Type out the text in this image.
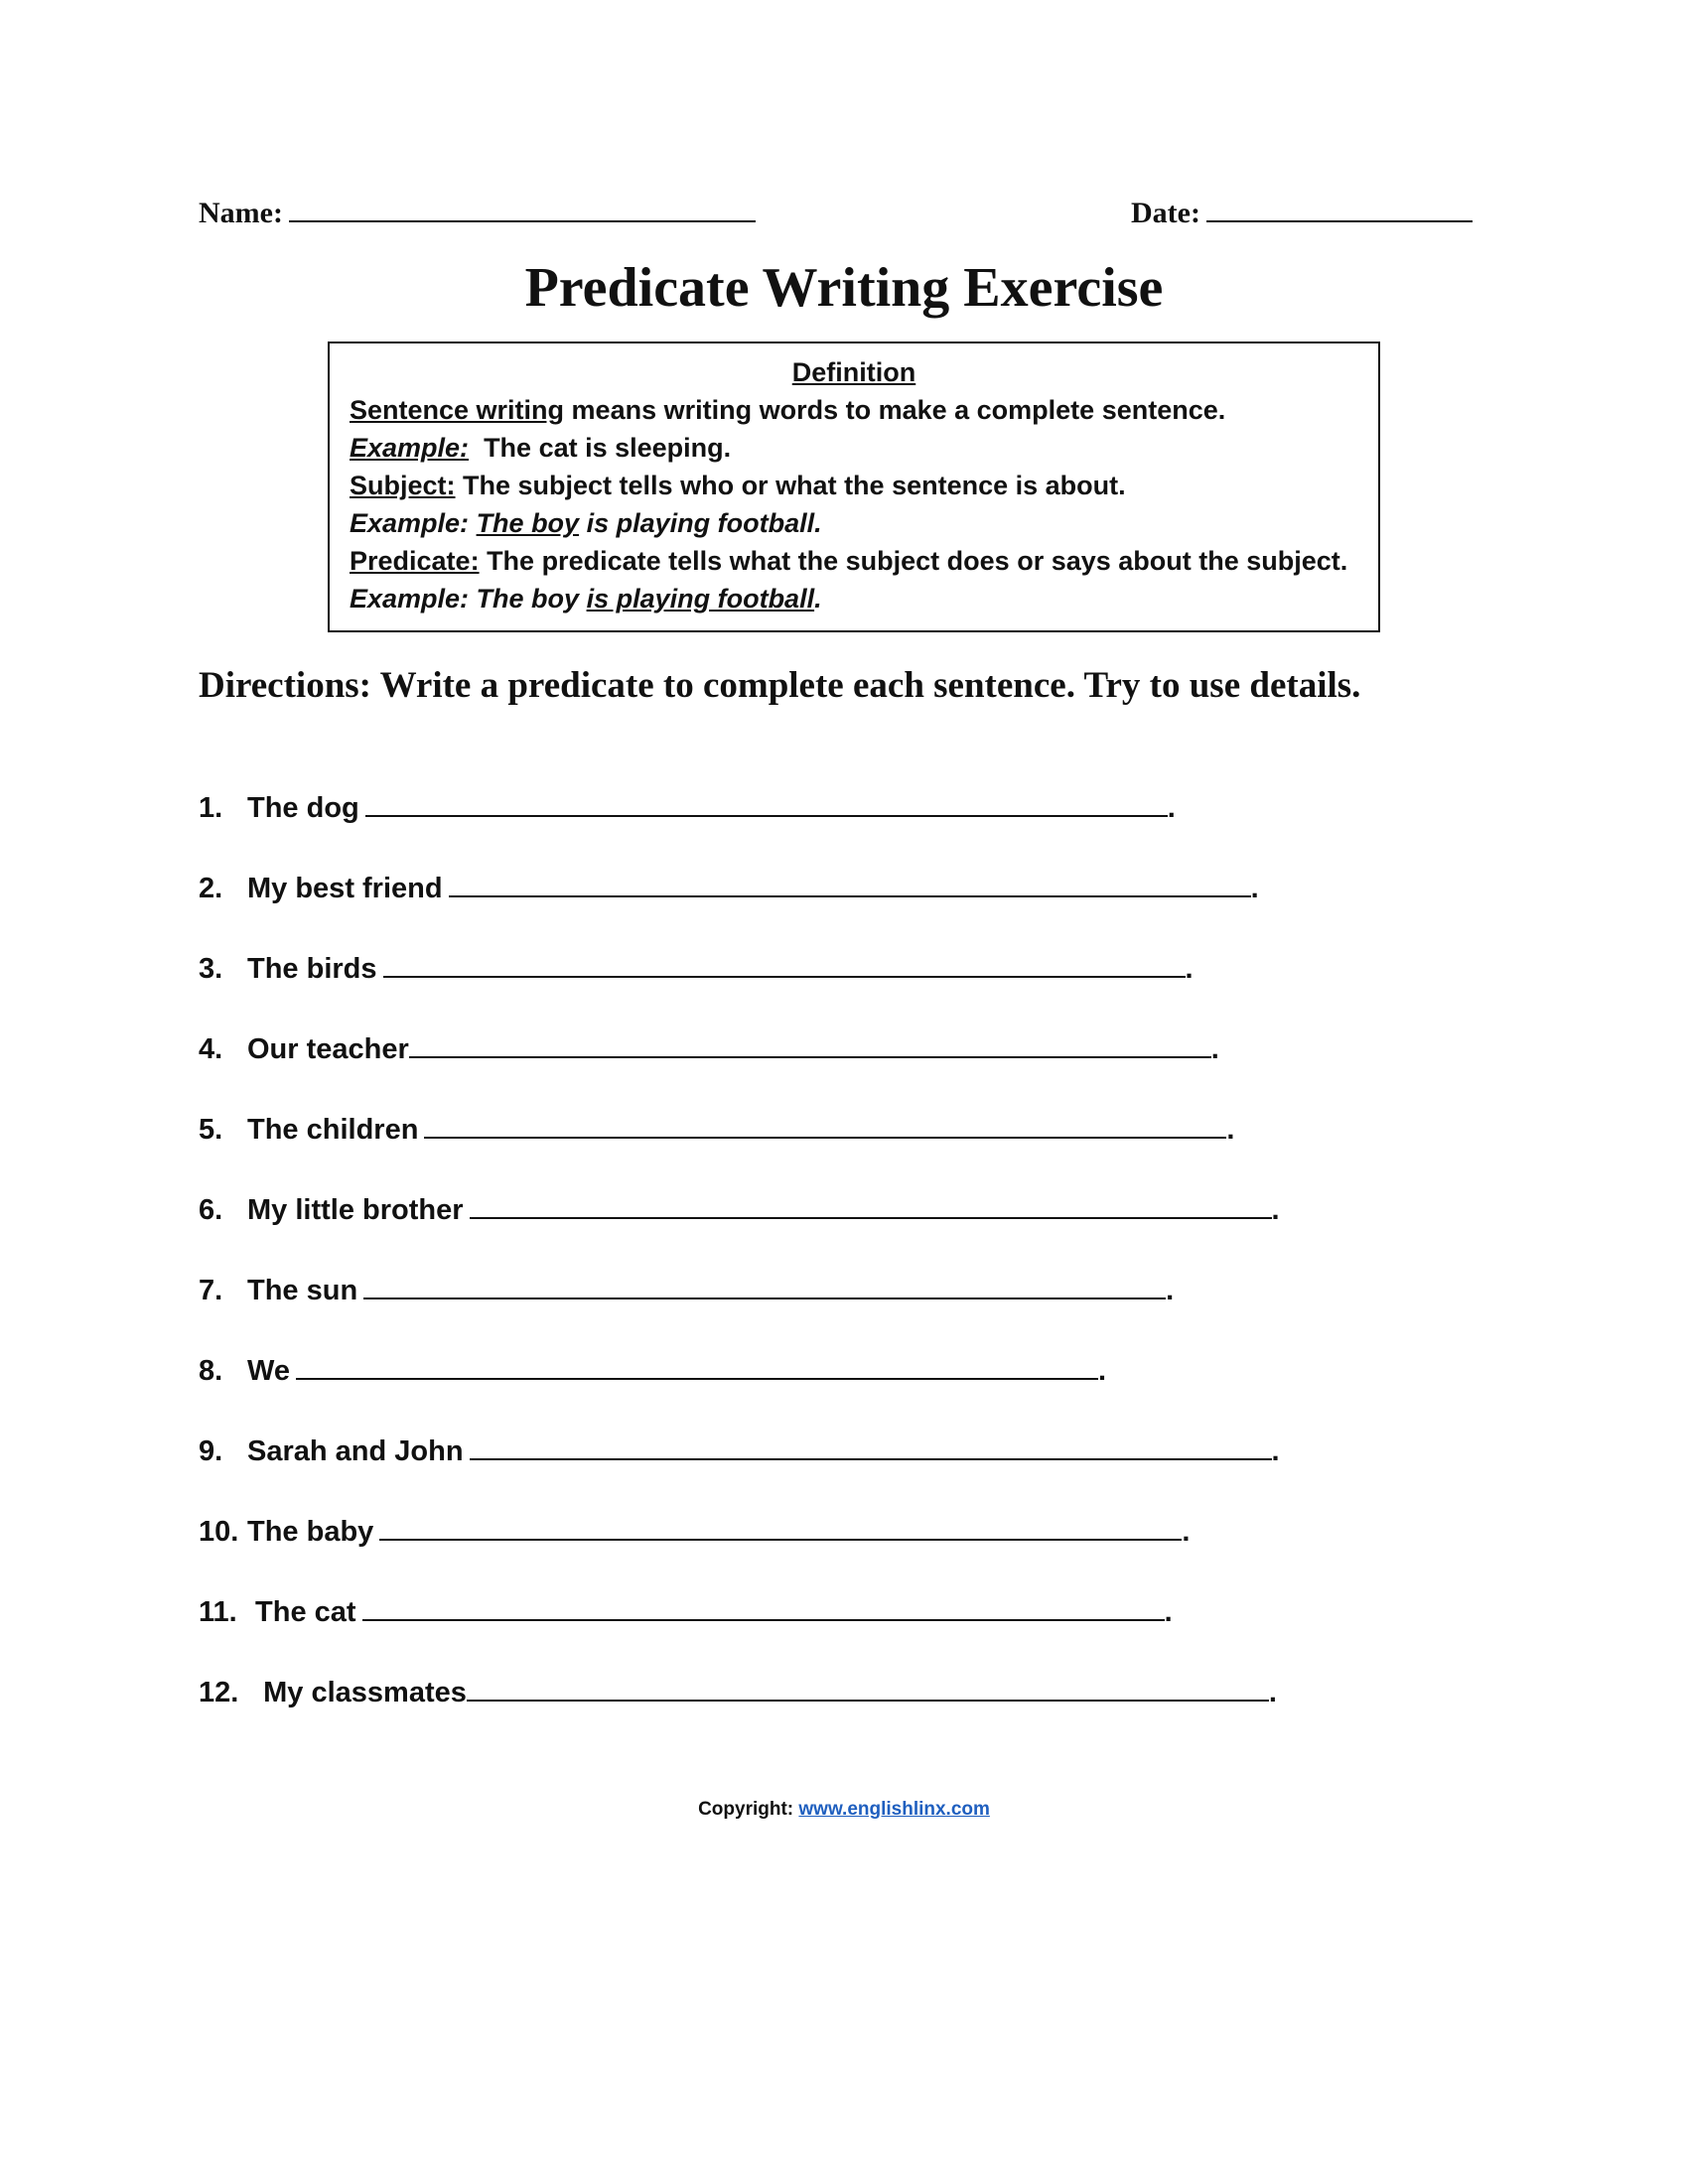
Name:	Date:
Predicate Writing Exercise
Definition
Sentence writing means writing words to make a complete sentence.
Example:  The cat is sleeping.
Subject: The subject tells who or what the sentence is about.
Example: The boy is playing football.
Predicate: The predicate tells what the subject does or says about the subject.
Example: The boy is playing football.
Directions: Write a predicate to complete each sentence. Try to use details.
1. The dog	.
2. My best friend	.
3. The birds	.
4. Our teacher	.
5. The children	.
6. My little brother	.
7. The sun	.
8. We	.
9. Sarah and John	.
10. The baby	.
11. The cat	.
12.  My classmates	.
Copyright: www.englishlinx.com
